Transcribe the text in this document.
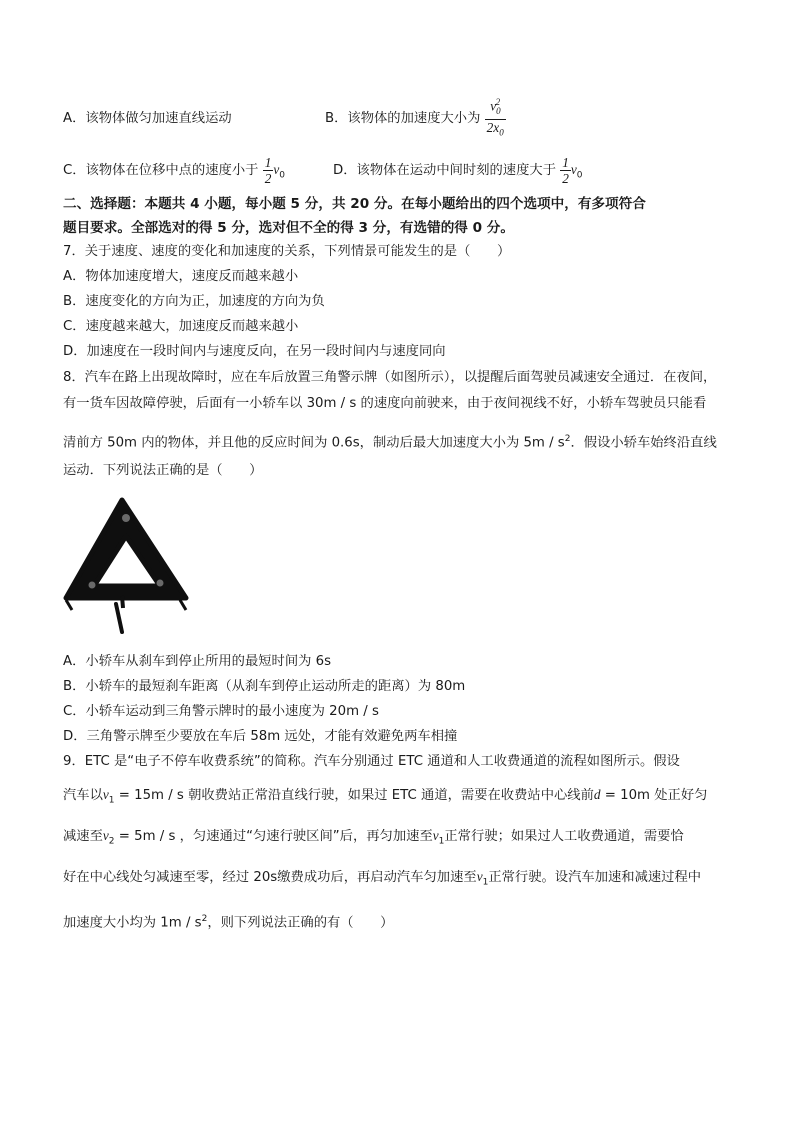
A．该物体做匀加速直线运动	B．该物体的加速度大小为 $\frac{v_0^2}{2x_0}$
C．该物体在位移中点的速度小于 $\frac{1}{2} v_0$	D．该物体在运动中间时刻的速度大于 $\frac{1}{2} v_0$
二、选择题：本题共 4 小题，每小题 5 分，共 20 分。在每小题给出的四个选项中，有多项符合
题目要求。全部选对的得 5 分，选对但不全的得 3 分，有选错的得 0 分。
7．关于速度、速度的变化和加速度的关系，下列情景可能发生的是（　　）
A．物体加速度增大，速度反而越来越小
B．速度变化的方向为正，加速度的方向为负
C．速度越来越大，加速度反而越来越小
D．加速度在一段时间内与速度反向，在另一段时间内与速度同向
8．汽车在路上出现故障时，应在车后放置三角警示牌（如图所示），以提醒后面驾驶员减速安全通过．在夜间，
有一货车因故障停驶，后面有一小轿车以 30m / s 的速度向前驶来，由于夜间视线不好，小轿车驾驶员只能看
清前方 50m 内的物体，并且他的反应时间为 0.6s，制动后最大加速度大小为 $5m / s^2$．假设小轿车始终沿直线
运动．下列说法正确的是（　　）
A．小轿车从刹车到停止所用的最短时间为 6s
B．小轿车的最短刹车距离（从刹车到停止运动所走的距离）为 80m
C．小轿车运动到三角警示牌时的最小速度为 20m / s
D．三角警示牌至少要放在车后 58m 远处，才能有效避免两车相撞
9．ETC 是“电子不停车收费系统”的简称。汽车分别通过 ETC 通道和人工收费通道的流程如图所示。假设
汽车以$v_1 = 15m / s$ 朝收费站正常沿直线行驶，如果过 ETC 通道，需要在收费站中心线前d = 10m 处正好匀
减速至$v_2 = 5m / s$ ，匀速通过“匀速行驶区间”后，再匀加速至$v_1$正常行驶；如果过人工收费通道，需要恰
好在中心线处匀减速至零，经过 20s缴费成功后，再启动汽车匀加速至$v_1$正常行驶。设汽车加速和减速过程中
加速度大小均为 $1m / s^2$，则下列说法正确的有（　　）
